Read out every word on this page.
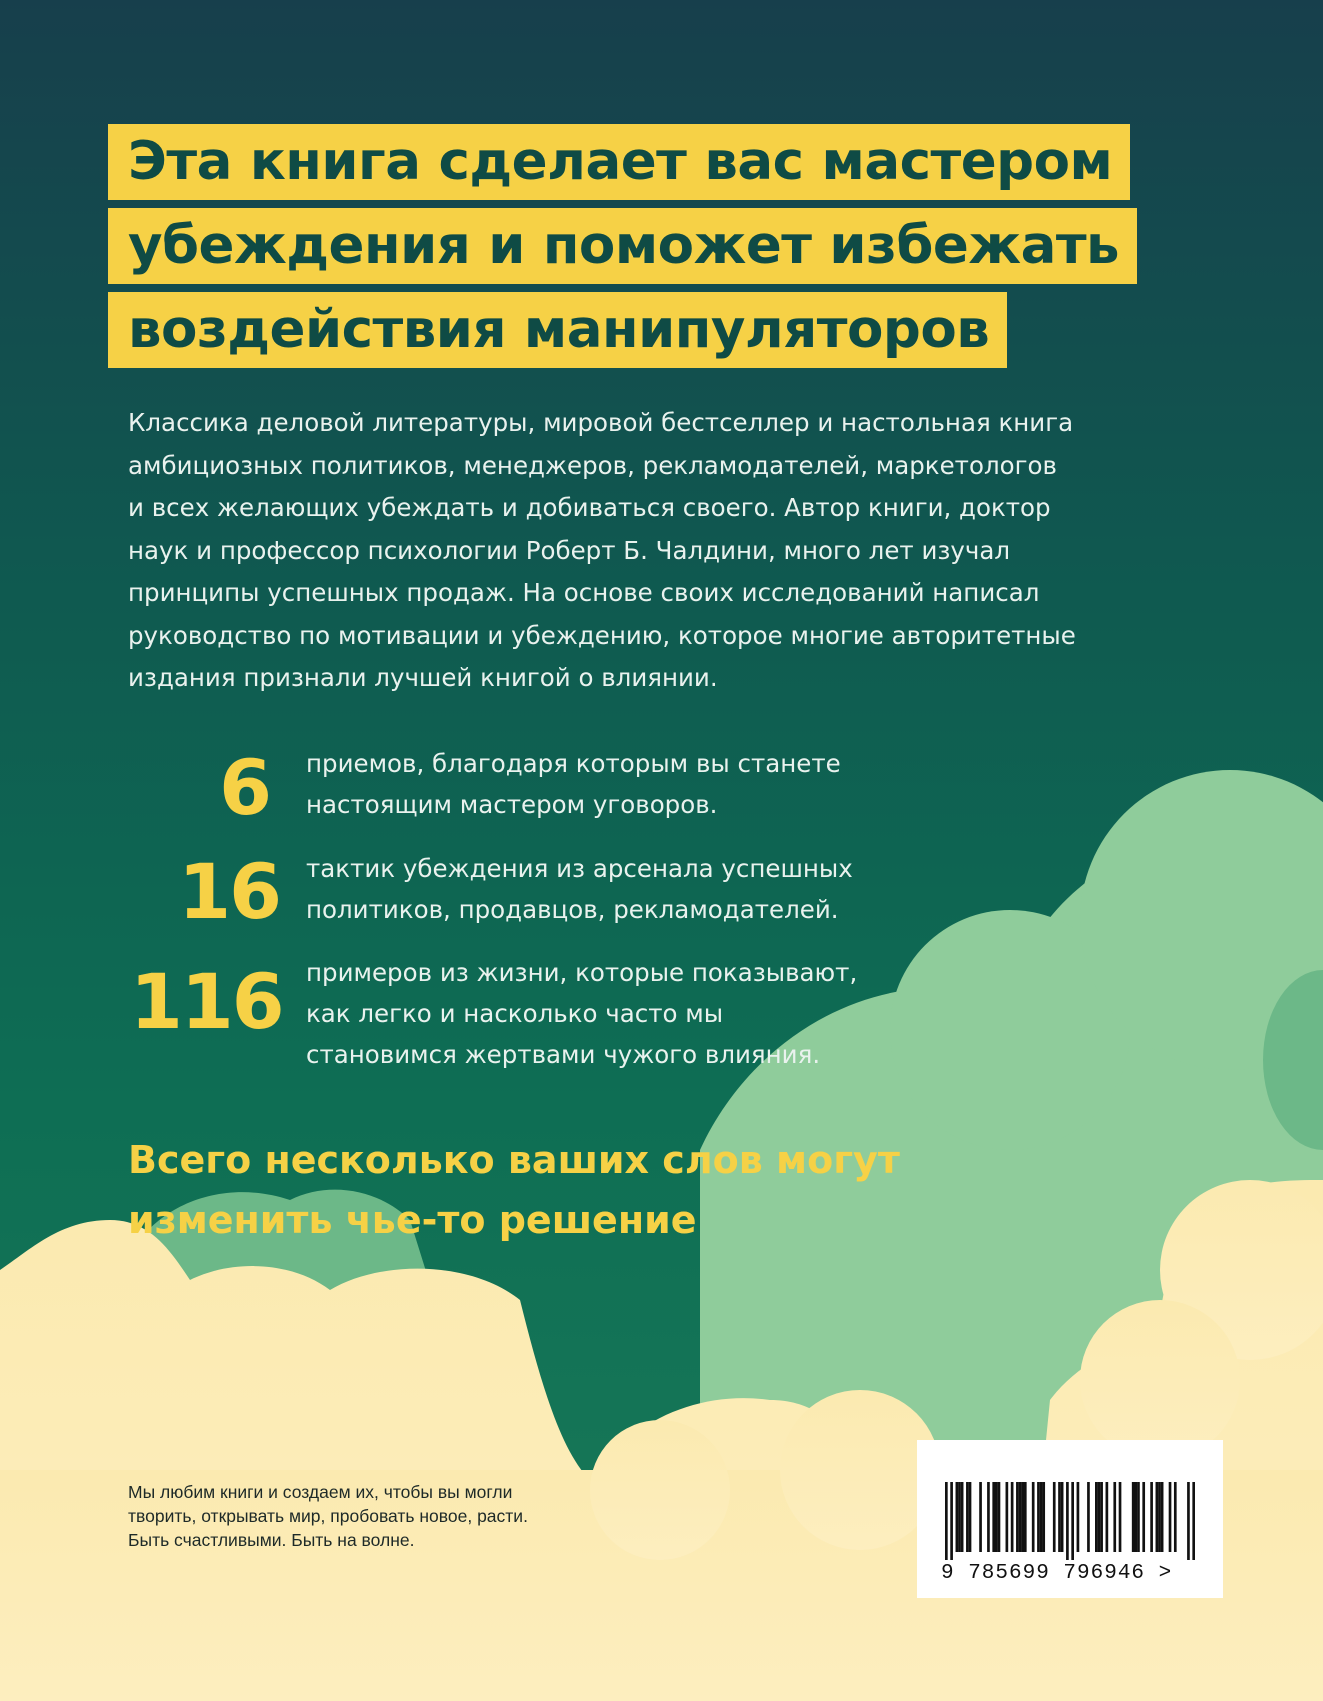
Эта книга сделает вас мастером
убеждения и поможет избежать
воздействия манипуляторов

Классика деловой литературы, мировой бестселлер и настольная книга
амбициозных политиков, менеджеров, рекламодателей, маркетологов
и всех желающих убеждать и добиваться своего. Автор книги, доктор
наук и профессор психологии Роберт Б. Чалдини, много лет изучал
принципы успешных продаж. На основе своих исследований написал
руководство по мотивации и убеждению, которое многие авторитетные
издания признали лучшей книгой о влиянии.

6 приемов, благодаря которым вы станете
настоящим мастером уговоров.
16 тактик убеждения из арсенала успешных
политиков, продавцов, рекламодателей.
116 примеров из жизни, которые показывают,
как легко и насколько часто мы
становимся жертвами чужого влияния.

Всего несколько ваших слов могут
изменить чье-то решение

Мы любим книги и создаем их, чтобы вы могли
творить, открывать мир, пробовать новое, расти.
Быть счастливыми. Быть на волне.

9 785699 796946 >
